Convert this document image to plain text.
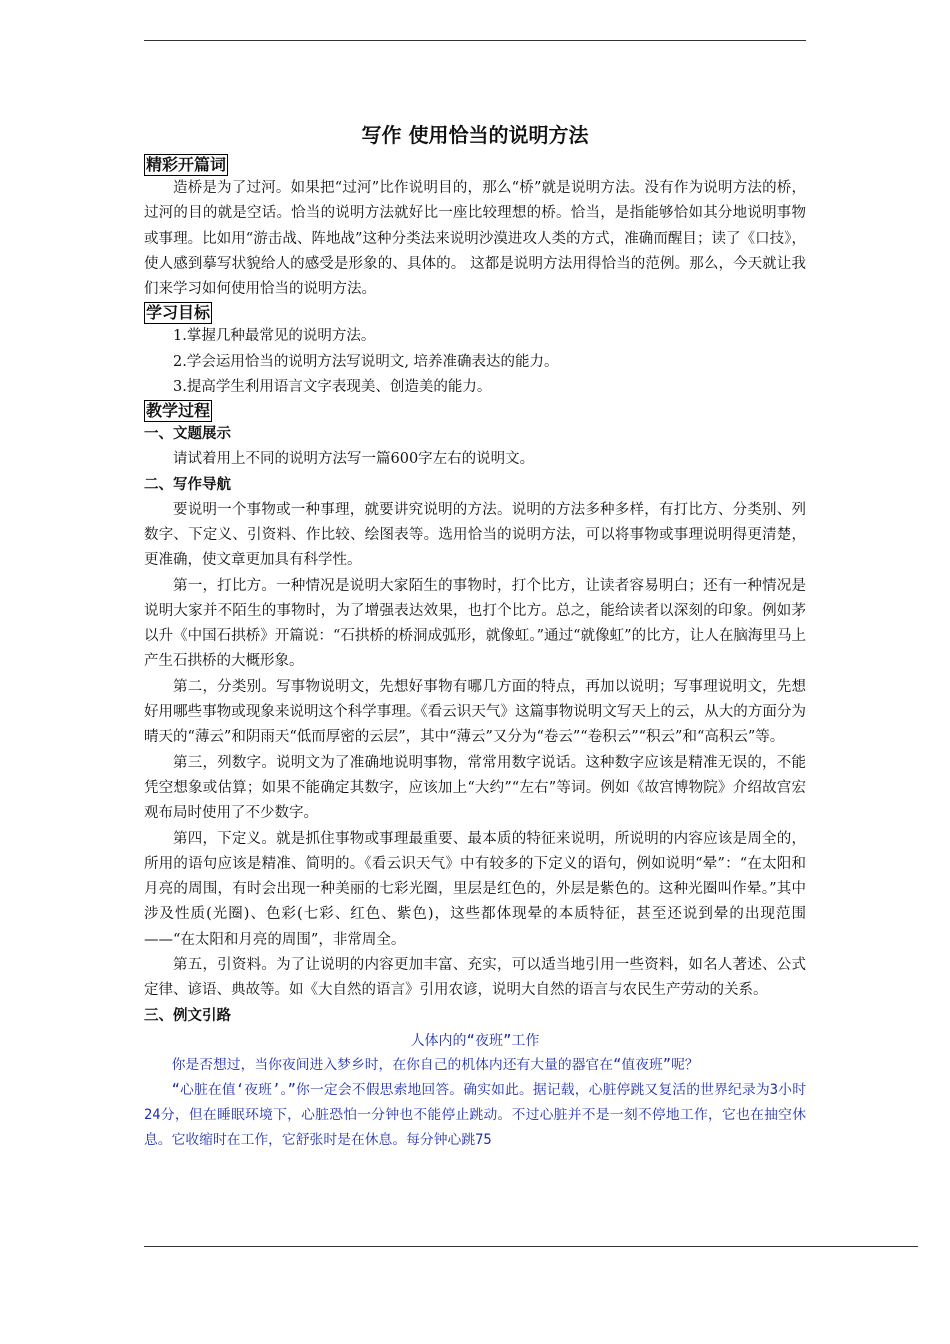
写作 使用恰当的说明方法
精彩开篇词

造桥是为了过河。如果把“过河”比作说明目的，那么“桥”就是说明方法。没有作为说明方法的桥，过河的目的就是空话。恰当的说明方法就好比一座比较理想的桥。恰当，是指能够恰如其分地说明事物或事理。比如用“游击战、阵地战”这种分类法来说明沙漠进攻人类的方式，准确而醒目；读了《口技》，使人感到摹写状貌给人的感受是形象的、具体的。 这都是说明方法用得恰当的范例。那么，今天就让我们来学习如何使用恰当的说明方法。

学习目标

1.掌握几种最常见的说明方法。

2.学会运用恰当的说明方法写说明文, 培养准确表达的能力。

3.提高学生利用语言文字表现美、创造美的能力。

教学过程
一、文题展示

请试着用上不同的说明方法写一篇600字左右的说明文。

二、写作导航

要说明一个事物或一种事理，就要讲究说明的方法。说明的方法多种多样，有打比方、分类别、列数字、下定义、引资料、作比较、绘图表等。选用恰当的说明方法，可以将事物或事理说明得更清楚，更准确，使文章更加具有科学性。

第一，打比方。一种情况是说明大家陌生的事物时，打个比方，让读者容易明白；还有一种情况是说明大家并不陌生的事物时，为了增强表达效果，也打个比方。总之，能给读者以深刻的印象。例如茅以升《中国石拱桥》开篇说：“石拱桥的桥洞成弧形，就像虹。”通过“就像虹”的比方，让人在脑海里马上产生石拱桥的大概形象。

第二，分类别。写事物说明文，先想好事物有哪几方面的特点，再加以说明；写事理说明文，先想好用哪些事物或现象来说明这个科学事理。《看云识天气》这篇事物说明文写天上的云，从大的方面分为晴天的“薄云”和阴雨天“低而厚密的云层”，其中“薄云”又分为“卷云”“卷积云”“积云”和“高积云”等。

第三，列数字。说明文为了准确地说明事物，常常用数字说话。这种数字应该是精准无误的，不能凭空想象或估算；如果不能确定其数字，应该加上“大约”“左右”等词。例如《故宫博物院》介绍故宫宏观布局时使用了不少数字。

第四，下定义。就是抓住事物或事理最重要、最本质的特征来说明，所说明的内容应该是周全的，所用的语句应该是精准、简明的。《看云识天气》中有较多的下定义的语句，例如说明“晕”：“在太阳和月亮的周围，有时会出现一种美丽的七彩光圈，里层是红色的，外层是紫色的。这种光圈叫作晕。”其中涉及性质(光圈)、色彩(七彩、红色、紫色)，这些都体现晕的本质特征，甚至还说到晕的出现范围——“在太阳和月亮的周围”，非常周全。

第五，引资料。为了让说明的内容更加丰富、充实，可以适当地引用一些资料，如名人著述、公式定律、谚语、典故等。如《大自然的语言》引用农谚，说明大自然的语言与农民生产劳动的关系。

三、例文引路
人体内的“夜班”工作

你是否想过，当你夜间进入梦乡时，在你自己的机体内还有大量的器官在“值夜班”呢？

“心脏在值‘夜班’。”你一定会不假思索地回答。确实如此。据记载，心脏停跳又复活的世界纪录为3小时24分，但在睡眠环境下，心脏恐怕一分钟也不能停止跳动。不过心脏并不是一刻不停地工作，它也在抽空休息。它收缩时在工作，它舒张时是在休息。每分钟心跳75
